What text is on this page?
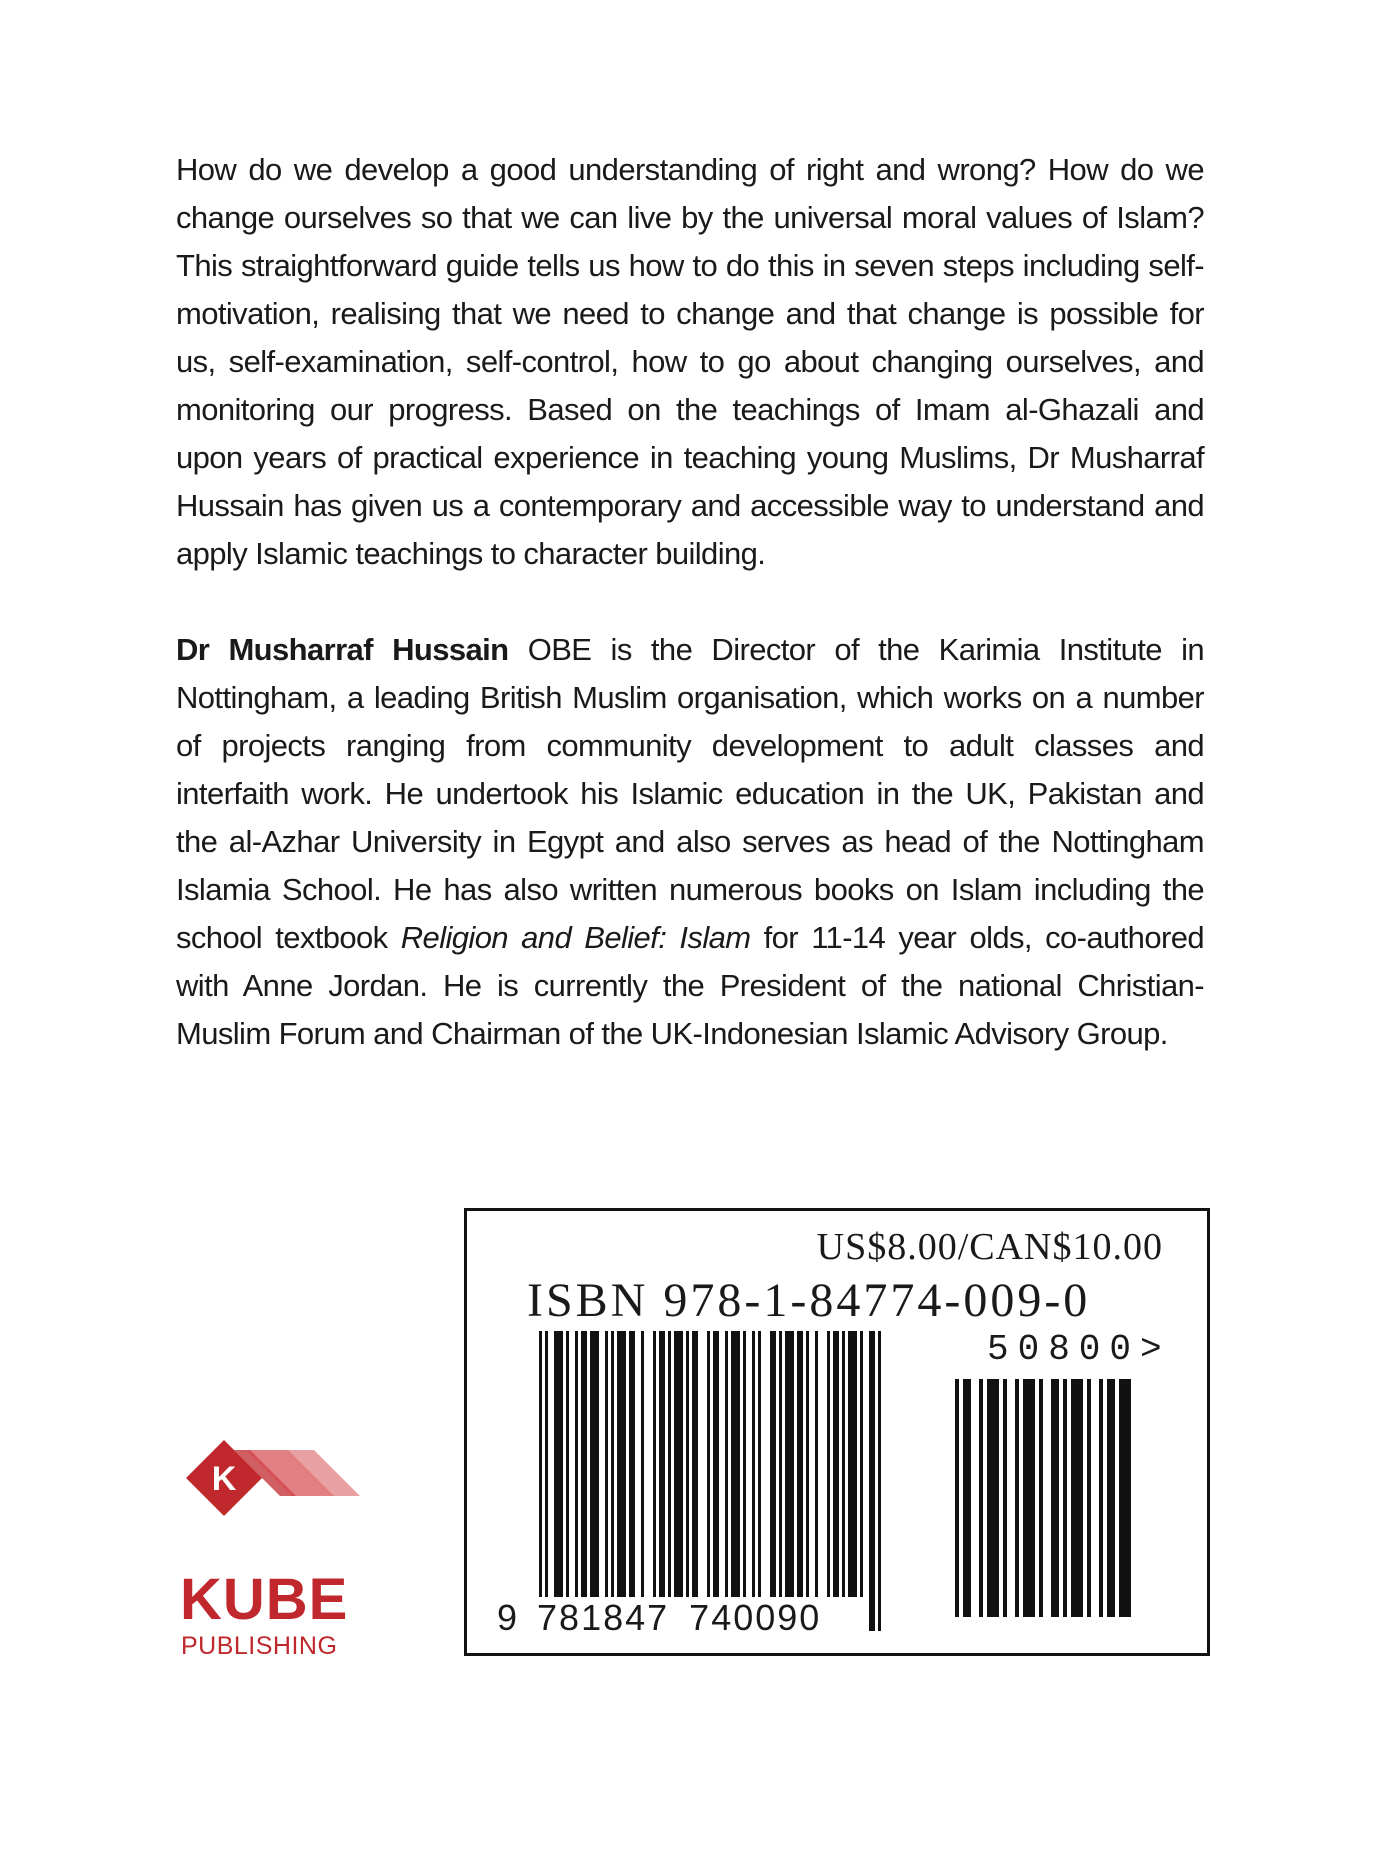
How do we develop a good understanding of right and wrong? How do we change ourselves so that we can live by the universal moral values of Islam? This straightforward guide tells us how to do this in seven steps including self-motivation, realising that we need to change and that change is possible for us, self-examination, self-control, how to go about changing ourselves, and monitoring our progress. Based on the teachings of Imam al-Ghazali and upon years of practical experience in teaching young Muslims, Dr Musharraf Hussain has given us a contemporary and accessible way to understand and apply Islamic teachings to character building.
Dr Musharraf Hussain OBE is the Director of the Karimia Institute in Nottingham, a leading British Muslim organisation, which works on a number of projects ranging from community development to adult classes and interfaith work. He undertook his Islamic education in the UK, Pakistan and the al-Azhar University in Egypt and also serves as head of the Nottingham Islamia School. He has also written numerous books on Islam including the school textbook Religion and Belief: Islam for 11-14 year olds, co-authored with Anne Jordan. He is currently the President of the national Christian-Muslim Forum and Chairman of the UK-Indonesian Islamic Advisory Group.
US$8.00/CAN$10.00
ISBN 978-1-84774-009-0
50800>
9 781847 740090
K
KUBE
PUBLISHING
